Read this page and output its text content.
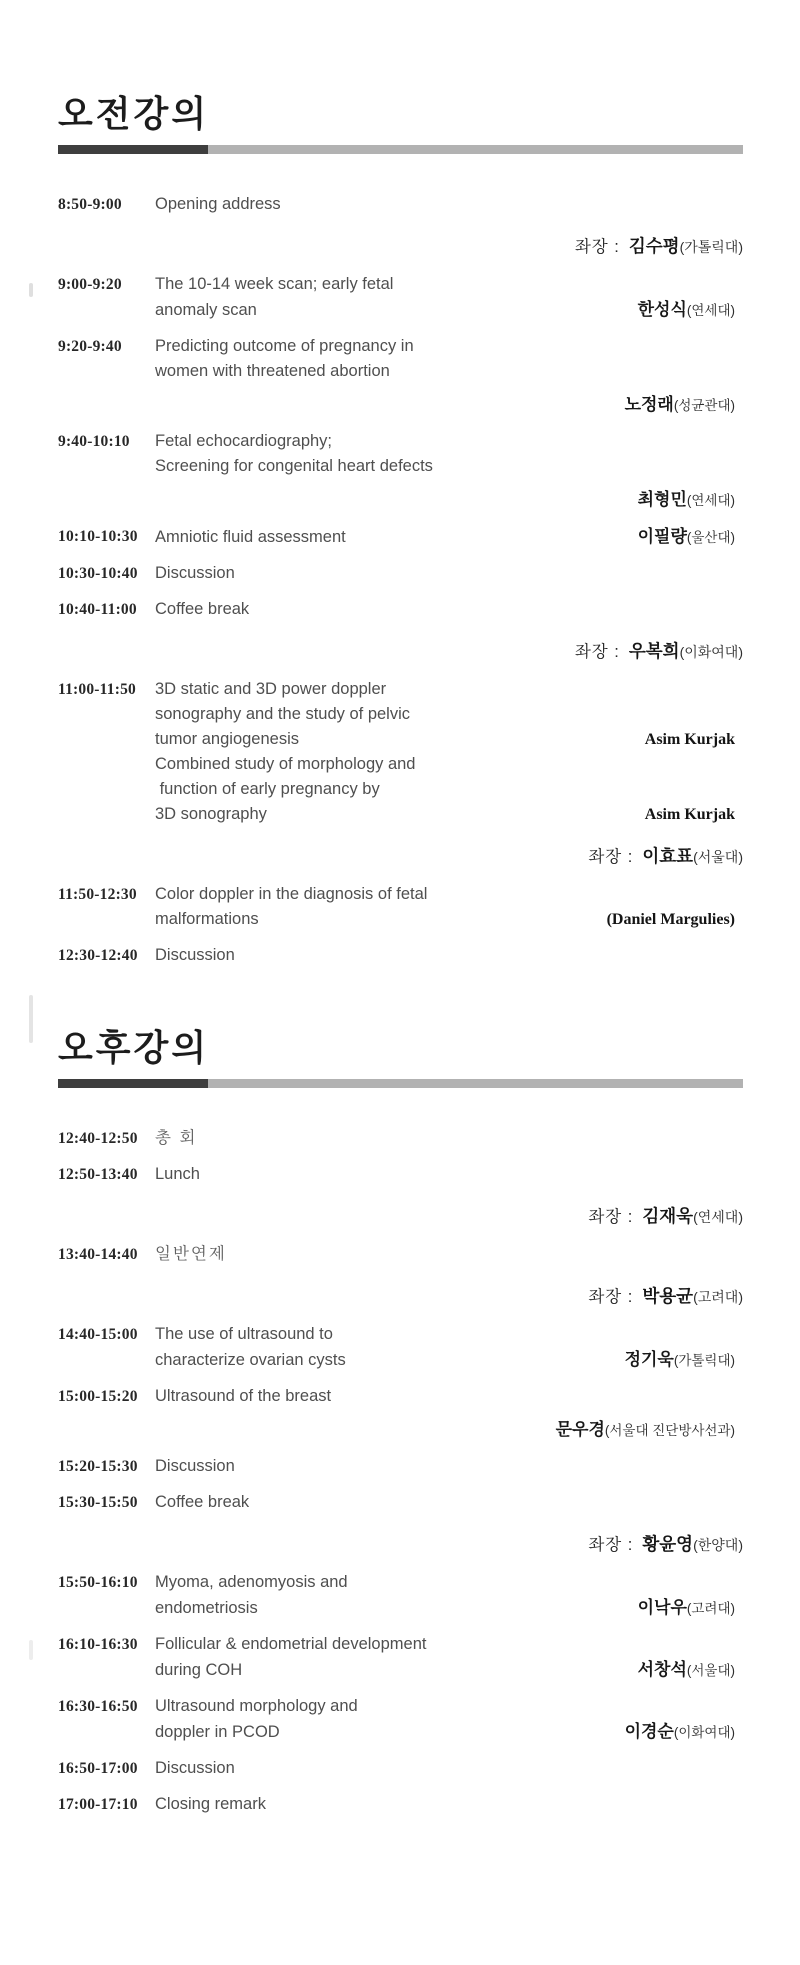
오전강의
8:50-9:00	Opening address
좌장 : 김수평 (가톨릭대)
9:00-9:20	The 10-14 week scan; early fetal
anomaly scan	한성식(연세대)
9:20-9:40	Predicting outcome of pregnancy in
women with threatened abortion
노정래(성균관대)
9:40-10:10	Fetal echocardiography;
Screening for congenital heart defects
최형민(연세대)
10:10-10:30	Amniotic fluid assessment	이필량(울산대)
10:30-10:40	Discussion
10:40-11:00	Coffee break
좌장 : 우복희 (이화여대)
11:00-11:50	3D static and 3D power doppler
sonography and the study of pelvic
tumor angiogenesis	Asim Kurjak
Combined study of morphology and
function of early pregnancy by
3D sonography	Asim Kurjak
좌장 : 이효표 (서울대)
11:50-12:30	Color doppler in the diagnosis of fetal
malformations	(Daniel Margulies)
12:30-12:40	Discussion
오후강의
12:40-12:50	총 회
12:50-13:40	Lunch
좌장 : 김재욱 (연세대)
13:40-14:40	일반연제
좌장 : 박용균 (고려대)
14:40-15:00	The use of ultrasound to
characterize ovarian cysts	정기욱(가톨릭대)
15:00-15:20	Ultrasound of the breast
문우경(서울대 진단방사선과)
15:20-15:30	Discussion
15:30-15:50	Coffee break
좌장 : 황윤영 (한양대)
15:50-16:10	Myoma, adenomyosis and
endometriosis	이낙우(고려대)
16:10-16:30	Follicular & endometrial development
during COH	서창석(서울대)
16:30-16:50	Ultrasound morphology and
doppler in PCOD	이경순(이화여대)
16:50-17:00	Discussion
17:00-17:10	Closing remark
